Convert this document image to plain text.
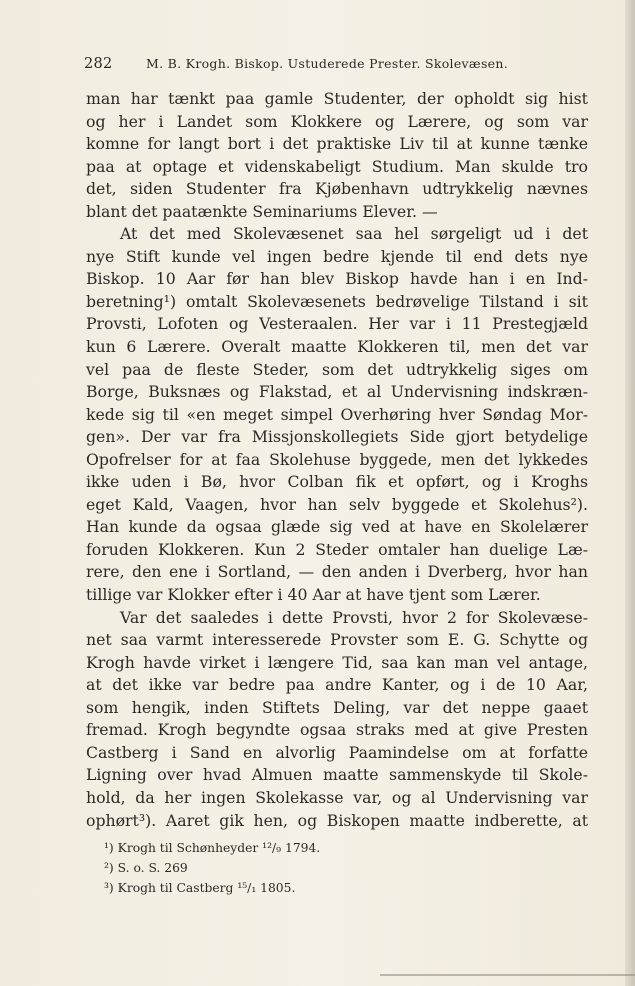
282	M. B. Krogh. Biskop. Ustuderede Prester. Skolevæsen.
man har tænkt paa gamle Studenter, der opholdt sig hist
og her i Landet som Klokkere og Lærere, og som var
komne for langt bort i det praktiske Liv til at kunne tænke
paa at optage et videnskabeligt Studium. Man skulde tro
det, siden Studenter fra Kjøbenhavn udtrykkelig nævnes
blant det paatænkte Seminariums Elever. —
At det med Skolevæsenet saa hel sørgeligt ud i det
nye Stift kunde vel ingen bedre kjende til end dets nye
Biskop. 10 Aar før han blev Biskop havde han i en Ind-
beretning¹) omtalt Skolevæsenets bedrøvelige Tilstand i sit
Provsti, Lofoten og Vesteraalen. Her var i 11 Prestegjæld
kun 6 Lærere. Overalt maatte Klokkeren til, men det var
vel paa de fleste Steder, som det udtrykkelig siges om
Borge, Buksnæs og Flakstad, et al Undervisning indskræn-
kede sig til «en meget simpel Overhøring hver Søndag Mor-
gen». Der var fra Missjonskollegiets Side gjort betydelige
Opofrelser for at faa Skolehuse byggede, men det lykkedes
ikke uden i Bø, hvor Colban fik et opført, og i Kroghs
eget Kald, Vaagen, hvor han selv byggede et Skolehus²).
Han kunde da ogsaa glæde sig ved at have en Skolelærer
foruden Klokkeren. Kun 2 Steder omtaler han duelige Læ-
rere, den ene i Sortland, — den anden i Dverberg, hvor han
tillige var Klokker efter i 40 Aar at have tjent som Lærer.
Var det saaledes i dette Provsti, hvor 2 for Skolevæse-
net saa varmt interesserede Provster som E. G. Schytte og
Krogh havde virket i længere Tid, saa kan man vel antage,
at det ikke var bedre paa andre Kanter, og i de 10 Aar,
som hengik, inden Stiftets Deling, var det neppe gaaet
fremad. Krogh begyndte ogsaa straks med at give Presten
Castberg i Sand en alvorlig Paamindelse om at forfatte
Ligning over hvad Almuen maatte sammenskyde til Skole-
hold, da her ingen Skolekasse var, og al Undervisning var
ophørt³). Aaret gik hen, og Biskopen maatte indberette, at
¹) Krogh til Schønheyder ¹²/₉ 1794.
²) S. o. S. 269
³) Krogh til Castberg ¹⁵/₁ 1805.
